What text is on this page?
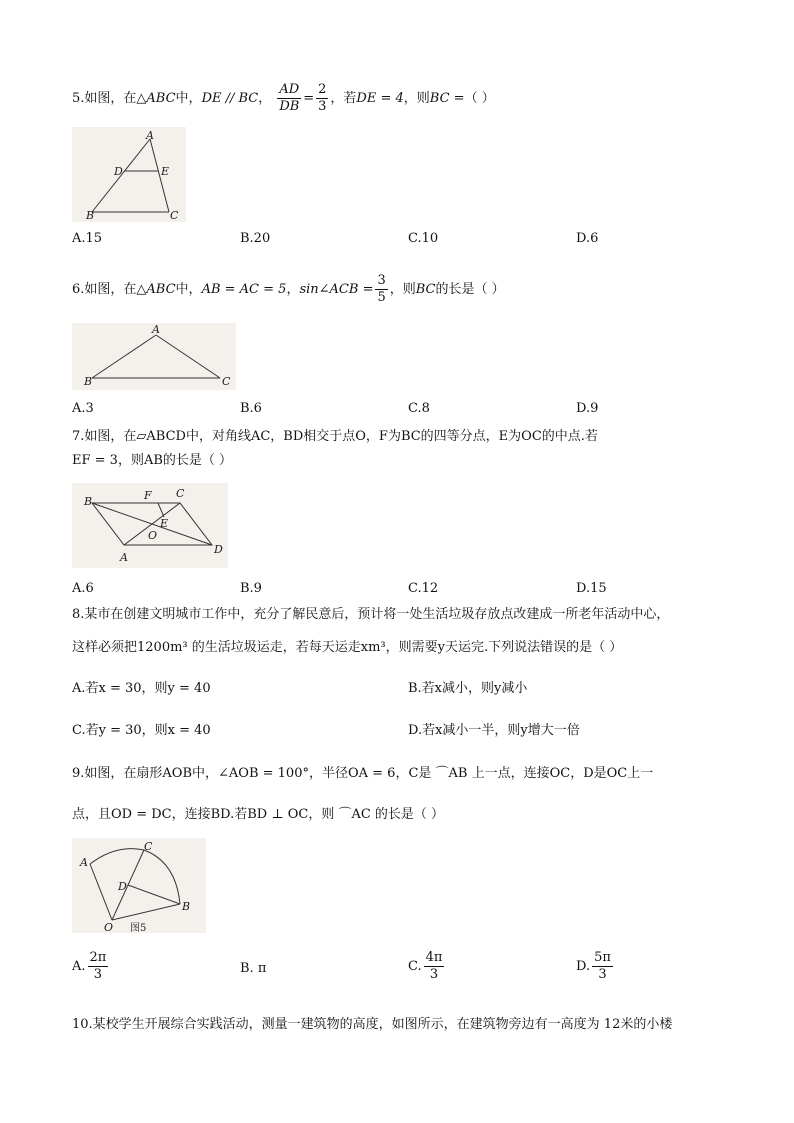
5.如图，在△ABC中，DE // BC， $\frac{AD}{DB} = \frac{2}{3}$ ，若DE = 4，则BC =（ ）
A
D	E
B	C
A.15	B.20	C.10	D.6
6.如图，在△ABC中，AB = AC = 5，sin∠ACB = $\frac{3}{5}$ ，则BC的长是（ ）
A
B	C
A.3	B.6	C.8	D.9
7.如图，在▱ABCD中，对角线AC，BD相交于点O，F为BC的四等分点，E为OC的中点.若
EF = 3，则AB的长是（ ）
B	F C
E
O
A
D
A.6	B.9	C.12	D.15
8.某市在创建文明城市工作中，充分了解民意后，预计将一处生活垃圾存放点改建成一所老年活动中心，
这样必须把1200m³ 的生活垃圾运走，若每天运走xm³，则需要y天运完.下列说法错误的是（ ）
A.若x = 30，则y = 40	B.若x减小，则y减小
C.若y = 30，则x = 40	D.若x减小一半，则y增大一倍
9.如图，在扇形AOB中，∠AOB = 100°，半径OA = 6，C是 ⌒AB 上一点，连接OC，D是OC上一
点，且OD = DC，连接BD.若BD ⊥ OC，则 ⌒AC 的长是（ ）
A
C
D
O
B
图5
A. $\frac{2\pi}{3}$	B. π	C. $\frac{4\pi}{3}$	D. $\frac{5\pi}{3}$
10.某校学生开展综合实践活动，测量一建筑物的高度，如图所示，在建筑物旁边有一高度为 12米的小楼
